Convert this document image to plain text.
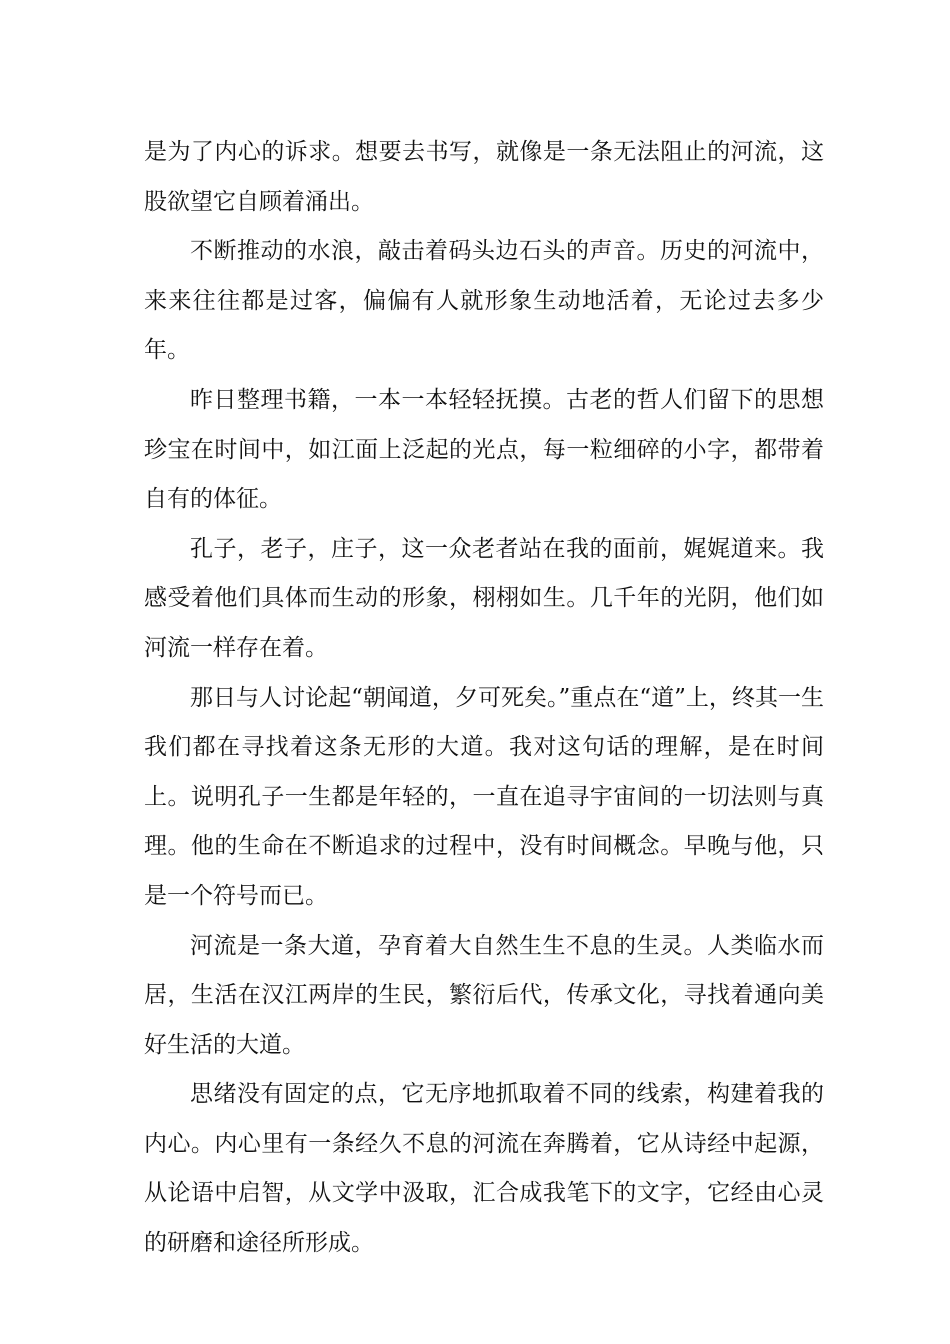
是为了内心的诉求。想要去书写，就像是一条无法阻止的河流，这股欲望它自顾着涌出。

不断推动的水浪，敲击着码头边石头的声音。历史的河流中，来来往往都是过客，偏偏有人就形象生动地活着，无论过去多少年。

昨日整理书籍，一本一本轻轻抚摸。古老的哲人们留下的思想珍宝在时间中，如江面上泛起的光点，每一粒细碎的小字，都带着自有的体征。

孔子，老子，庄子，这一众老者站在我的面前，娓娓道来。我感受着他们具体而生动的形象，栩栩如生。几千年的光阴，他们如河流一样存在着。

那日与人讨论起“朝闻道，夕可死矣。”重点在“道”上，终其一生我们都在寻找着这条无形的大道。我对这句话的理解，是在时间上。说明孔子一生都是年轻的，一直在追寻宇宙间的一切法则与真理。他的生命在不断追求的过程中，没有时间概念。早晚与他，只是一个符号而已。

河流是一条大道，孕育着大自然生生不息的生灵。人类临水而居，生活在汉江两岸的生民，繁衍后代，传承文化，寻找着通向美好生活的大道。

思绪没有固定的点，它无序地抓取着不同的线索，构建着我的内心。内心里有一条经久不息的河流在奔腾着，它从诗经中起源，从论语中启智，从文学中汲取，汇合成我笔下的文字，它经由心灵的研磨和途径所形成。
